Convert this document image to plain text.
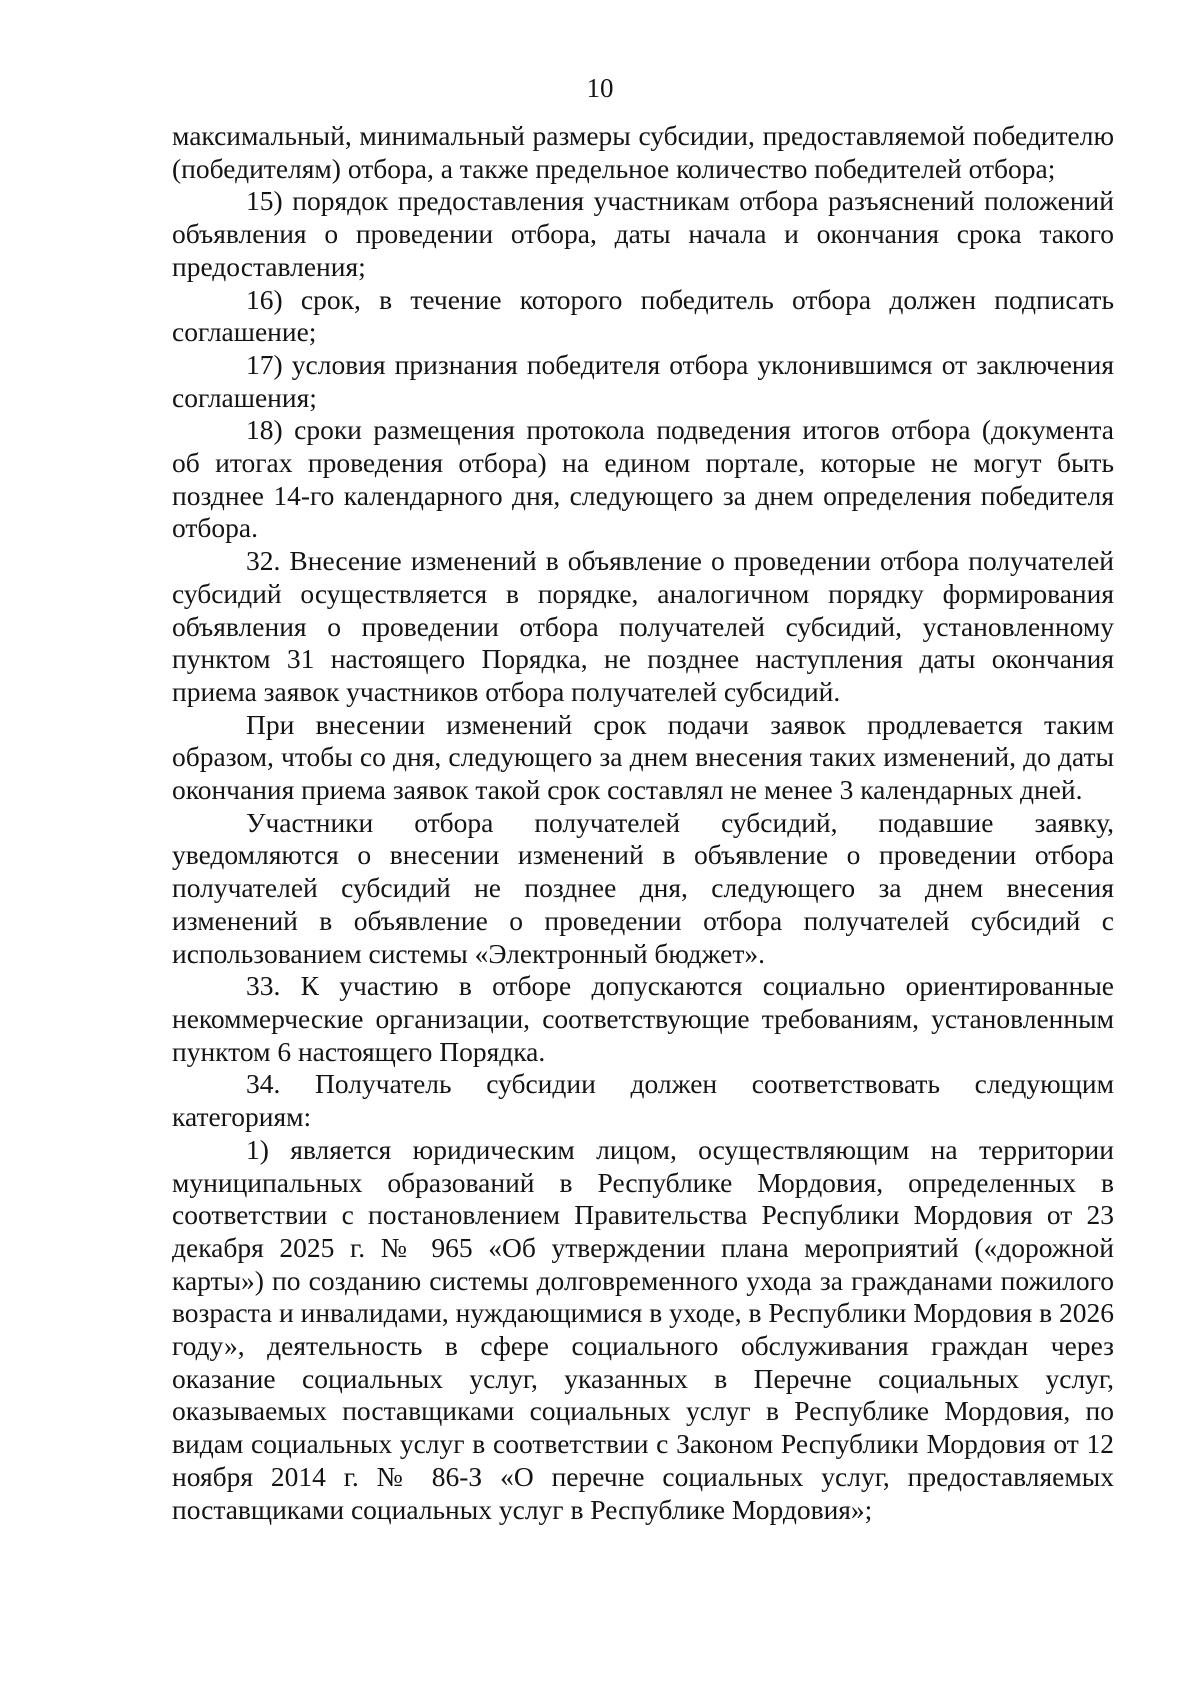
10

максимальный, минимальный размеры субсидии, предоставляемой победителю (победителям) отбора, а также предельное количество победителей отбора;

15) порядок предоставления участникам отбора разъяснений положений объявления о проведении отбора, даты начала и окончания срока такого предоставления;

16) срок, в течение которого победитель отбора должен подписать соглашение;

17) условия признания победителя отбора уклонившимся от заключения соглашения;

18) сроки размещения протокола подведения итогов отбора (документа об итогах проведения отбора) на едином портале, которые не могут быть позднее 14-го календарного дня, следующего за днем определения победителя отбора.

32. Внесение изменений в объявление о проведении отбора получателей субсидий осуществляется в порядке, аналогичном порядку формирования объявления о проведении отбора получателей субсидий, установленному пунктом 31 настоящего Порядка, не позднее наступления даты окончания приема заявок участников отбора получателей субсидий.

При внесении изменений срок подачи заявок продлевается таким образом, чтобы со дня, следующего за днем внесения таких изменений, до даты окончания приема заявок такой срок составлял не менее 3 календарных дней.

Участники отбора получателей субсидий, подавшие заявку, уведомляются о внесении изменений в объявление о проведении отбора получателей субсидий не позднее дня, следующего за днем внесения изменений в объявление о проведении отбора получателей субсидий с использованием системы «Электронный бюджет».

33. К участию в отборе допускаются социально ориентированные некоммерческие организации, соответствующие требованиям, установленным пунктом 6 настоящего Порядка.

34. Получатель субсидии должен соответствовать следующим категориям:

1) является юридическим лицом, осуществляющим на территории муниципальных образований в Республике Мордовия, определенных в соответствии с постановлением Правительства Республики Мордовия от 23 декабря 2025 г. № 965 «Об утверждении плана мероприятий («дорожной карты») по созданию системы долговременного ухода за гражданами пожилого возраста и инвалидами, нуждающимися в уходе, в Республики Мордовия в 2026 году», деятельность в сфере социального обслуживания граждан через оказание социальных услуг, указанных в Перечне социальных услуг, оказываемых поставщиками социальных услуг в Республике Мордовия, по видам социальных услуг в соответствии с Законом Республики Мордовия от 12 ноября 2014 г. № 86-З «О перечне социальных услуг, предоставляемых поставщиками социальных услуг в Республике Мордовия»;
